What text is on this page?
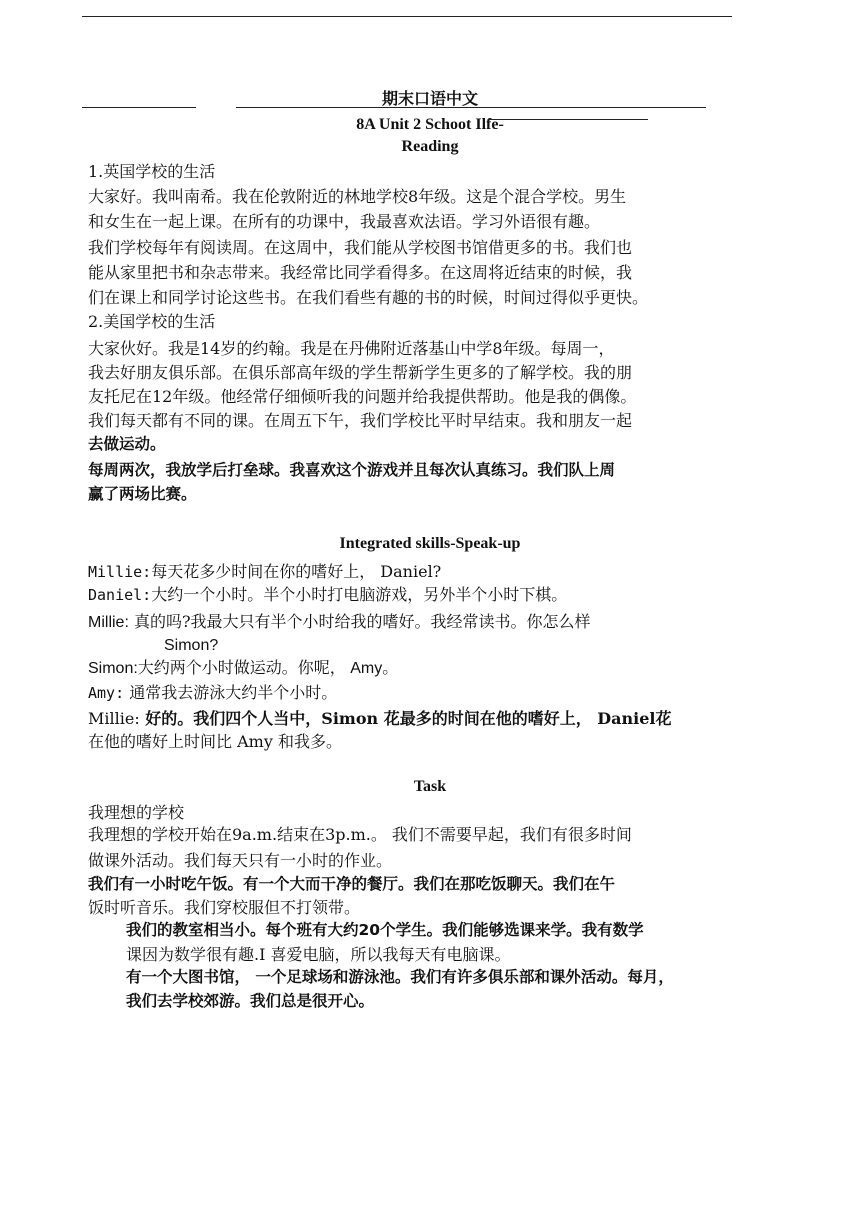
期末口语中文
8A Unit 2 Schoot Ilfe-
Reading
1.英国学校的生活
大家好。我叫南希。我在伦敦附近的林地学校8年级。这是个混合学校。男生
和女生在一起上课。在所有的功课中，我最喜欢法语。学习外语很有趣。
我们学校每年有阅读周。在这周中，我们能从学校图书馆借更多的书。我们也
能从家里把书和杂志带来。我经常比同学看得多。在这周将近结束的时候，我
们在课上和同学讨论这些书。在我们看些有趣的书的时候，时间过得似乎更快。
2.美国学校的生活
大家伙好。我是14岁的约翰。我是在丹佛附近落基山中学8年级。每周一，
我去好朋友俱乐部。在俱乐部高年级的学生帮新学生更多的了解学校。我的朋
友托尼在12年级。他经常仔细倾听我的问题并给我提供帮助。他是我的偶像。
我们每天都有不同的课。在周五下午，我们学校比平时早结束。我和朋友一起
去做运动。
每周两次，我放学后打垒球。我喜欢这个游戏并且每次认真练习。我们队上周
赢了两场比赛。
Integrated skills-Speak-up
Millie:每天花多少时间在你的嗜好上， Daniel?
Daniel:大约一个小时。半个小时打电脑游戏，另外半个小时下棋。
Millie: 真的吗?我最大只有半个小时给我的嗜好。我经常读书。你怎么样
Simon?
Simon:大约两个小时做运动。你呢， Amy。
Amy: 通常我去游泳大约半个小时。
Millie: 好的。我们四个人当中，Simon 花最多的时间在他的嗜好上， Daniel花
在他的嗜好上时间比 Amy 和我多。
Task
我理想的学校
我理想的学校开始在9a.m.结束在3p.m.。 我们不需要早起，我们有很多时间
做课外活动。我们每天只有一小时的作业。
我们有一小时吃午饭。有一个大而干净的餐厅。我们在那吃饭聊天。我们在午
饭时听音乐。我们穿校服但不打领带。
我们的教室相当小。每个班有大约20个学生。我们能够选课来学。我有数学
课因为数学很有趣.I 喜爱电脑，所以我每天有电脑课。
有一个大图书馆， 一个足球场和游泳池。我们有许多俱乐部和课外活动。每月，
我们去学校郊游。我们总是很开心。
